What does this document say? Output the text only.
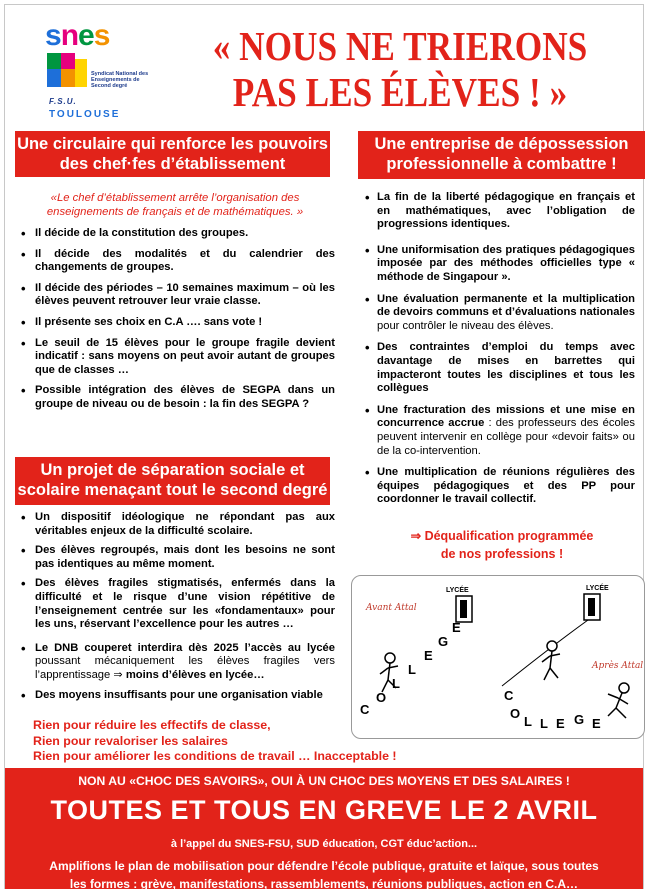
snes
Syndicat National des Enseignements de Second degré
F.S.U.
TOULOUSE
« NOUS NE TRIERONS
PAS LES ÉLÈVES ! »
Une circulaire qui renforce les pouvoirs
des chef·fes d’établissement

«Le chef d’établissement arrête l’organisation des enseignements de français et de mathématiques. »

• Il décide de la constitution des groupes.
• Il décide des modalités et du calendrier des changements de groupes.
• Il décide des périodes – 10 semaines maximum – où les élèves peuvent retrouver leur vraie classe.
• Il présente ses choix en C.A …. sans vote !
• Le seuil de 15 élèves pour le groupe fragile devient indicatif : sans moyens on peut avoir autant de groupes que de classes …
• Possible intégration des élèves de SEGPA dans un groupe de niveau ou de besoin : la fin des SEGPA ?
Une entreprise de dépossession
professionnelle à combattre !
• La fin de la liberté pédagogique en français et en mathématiques, avec l’obligation de progressions identiques.
• Une uniformisation des pratiques pédagogiques imposée par des méthodes officielles type « méthode de Singapour ».
• Une évaluation permanente et la multiplication de devoirs communs et d’évaluations nationales pour contrôler le niveau des élèves.
• Des contraintes d’emploi du temps avec davantage de mises en barrettes qui impacteront toutes les disciplines et tous les collègues
• Une fracturation des missions et une mise en concurrence accrue : des professeurs des écoles peuvent intervenir en collège pour «devoir faits» ou de la co-intervention.
• Une multiplication de réunions régulières des équipes pédagogiques et des PP pour coordonner le travail collectif.
⇒ Déqualification programmée
de nos professions !
Un projet de séparation sociale et
scolaire menaçant tout le second degré
• Un dispositif idéologique ne répondant pas aux véritables enjeux de la difficulté scolaire.
• Des élèves regroupés, mais dont les besoins ne sont pas identiques au même moment.
• Des élèves fragiles stigmatisés, enfermés dans la difficulté et le risque d’une vision répétitive de l’enseignement centrée sur les «fondamentaux» pour les uns, réservant l’excellence pour les autres …
• Le DNB couperet interdira dès 2025 l’accès au lycée poussant mécaniquement les élèves fragiles vers l’apprentissage ⇒ moins d’élèves en lycée…
• Des moyens insuffisants pour une organisation viable
Avant Attal
LYCÉE
C
O
L
L
E
G
E
LYCÉE
Après Attal
C
O
L L E G E
Rien pour réduire les effectifs de classe,
Rien pour revaloriser les salaires
Rien pour améliorer les conditions de travail … Inacceptable !
NON AU «CHOC DES SAVOIRS», OUI À UN CHOC DES MOYENS ET DES SALAIRES !
TOUTES ET TOUS EN GREVE LE 2 AVRIL
à l’appel du SNES-FSU, SUD éducation, CGT éduc’action...
Amplifions le plan de mobilisation pour défendre l’école publique, gratuite et laïque, sous toutes
les formes : grève, manifestations, rassemblements, réunions publiques, action en C.A…
